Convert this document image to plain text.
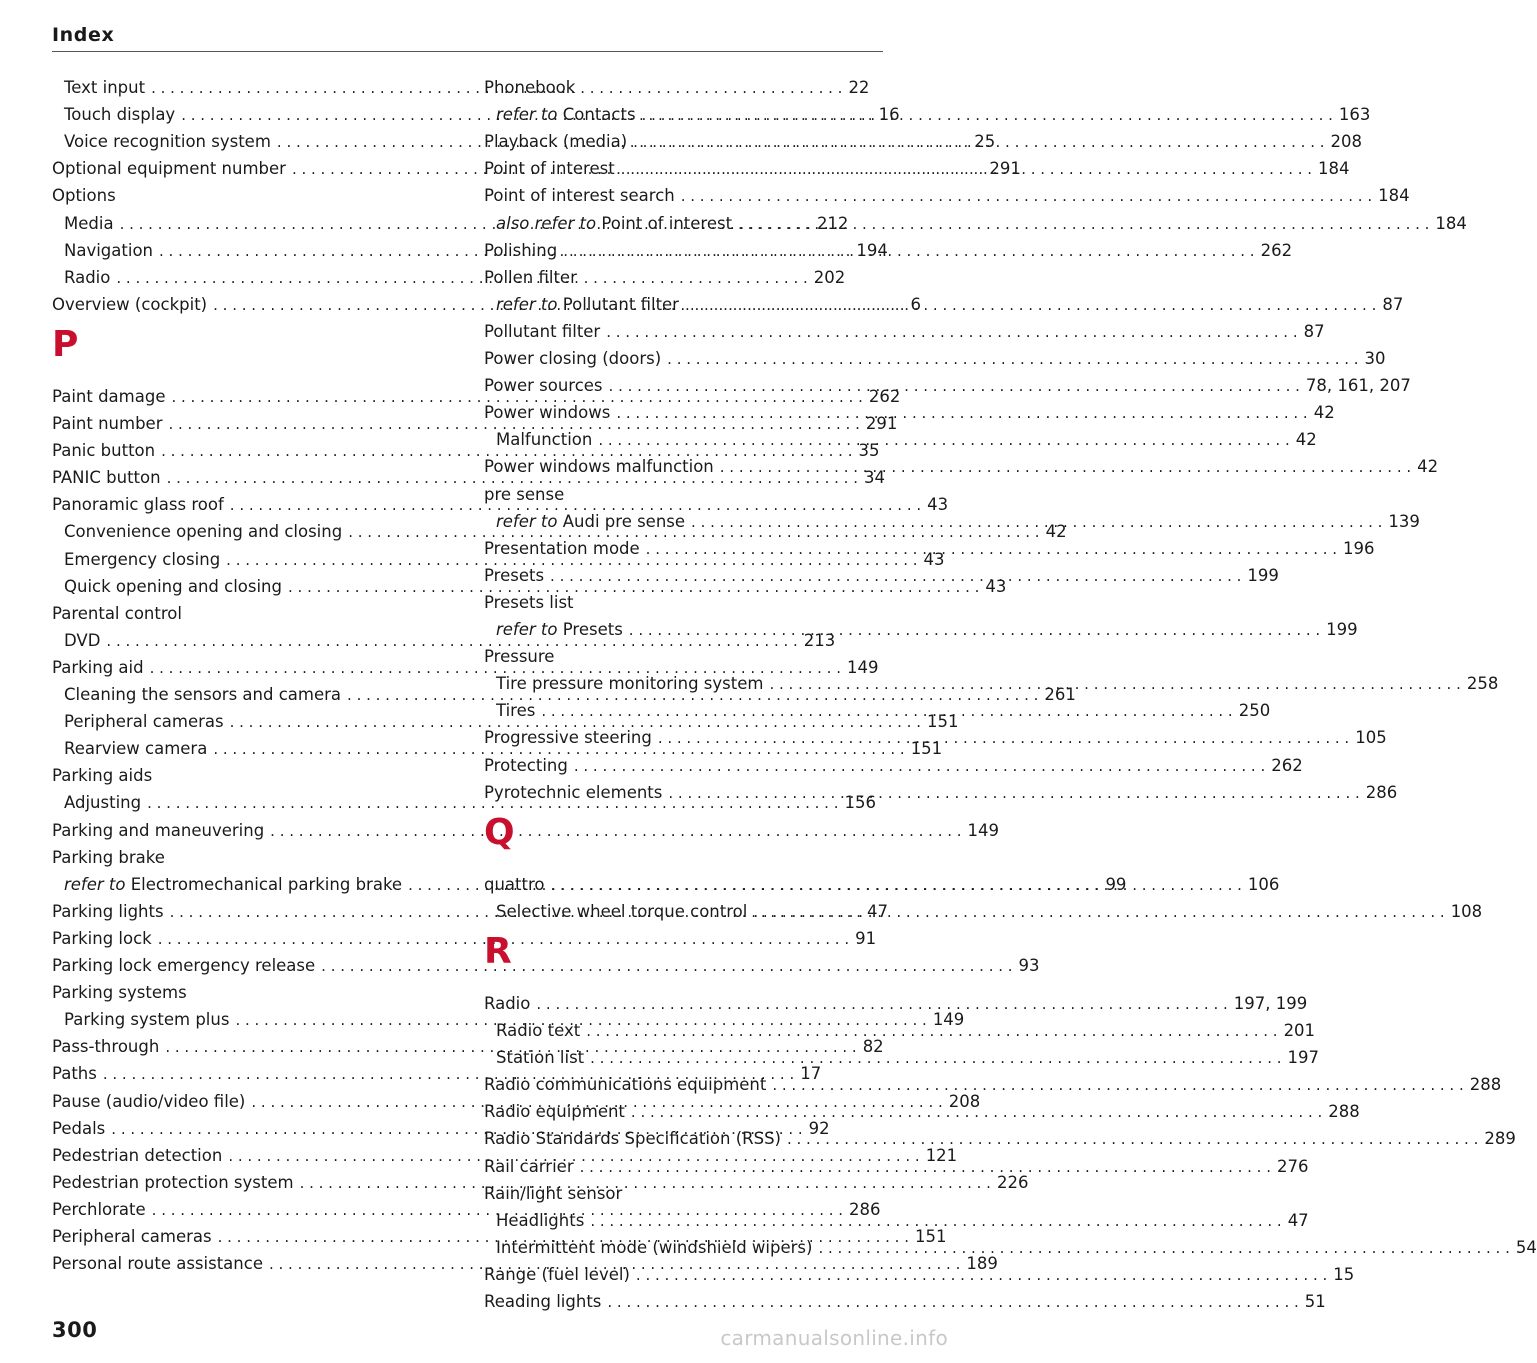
Index
Text input . . .	22
Touch display . . .	16
Voice recognition system . . .	25
Optional equipment number . . .	291
Options
Media . . .	212
Navigation . . .	194
Radio . . .	202
Overview (cockpit) . . .	6
P
Paint damage . . .	262
Paint number . . .	291
Panic button . . .	35
PANIC button . . .	34
Panoramic glass roof . . .	43
Convenience opening and closing . . .	42
Emergency closing . . .	43
Quick opening and closing . . .	43
Parental control
DVD . . .	213
Parking aid . . .	149
Cleaning the sensors and camera . . .	261
Peripheral cameras . . .	151
Rearview camera . . .	151
Parking aids
Adjusting . . .	156
Parking and maneuvering . . .	149
Parking brake
refer to Electromechanical parking brake . . .	99
Parking lights . . .	47
Parking lock . . .	91
Parking lock emergency release . . .	93
Parking systems
Parking system plus . . .	149
Pass-through . . .	82
Paths . . .	17
Pause (audio/video file) . . .	208
Pedals . . .	92
Pedestrian detection . . .	121
Pedestrian protection system . . .	226
Perchlorate . . .	286
Peripheral cameras . . .	151
Personal route assistance . . .	189
Phonebook
refer to Contacts . . .	163
Playback (media) . . .	208
Point of interest . . .	184
Point of interest search . . .	184
also refer to Point of interest . . .	184
Polishing . . .	262
Pollen filter
refer to Pollutant filter . . .	87
Pollutant filter . . .	87
Power closing (doors) . . .	30
Power sources . . .	78, 161, 207
Power windows . . .	42
Malfunction . . .	42
Power windows malfunction . . .	42
pre sense
refer to Audi pre sense . . .	139
Presentation mode . . .	196
Presets . . .	199
Presets list
refer to Presets . . .	199
Pressure
Tire pressure monitoring system . . .	258
Tires . . .	250
Progressive steering . . .	105
Protecting . . .	262
Pyrotechnic elements . . .	286
Q
quattro . . .	106
Selective wheel torque control . . .	108
R
Radio . . .	197, 199
Radio text . . .	201
Station list . . .	197
Radio communications equipment . . .	288
Radio equipment . . .	288
Radio Standards Specification (RSS) . . .	289
Rail carrier . . .	276
Rain/light sensor
Headlights . . .	47
Intermittent mode (windshield wipers) . . .	54
Range (fuel level) . . .	15
Reading lights . . .	51
300	carmanualsonline.info
